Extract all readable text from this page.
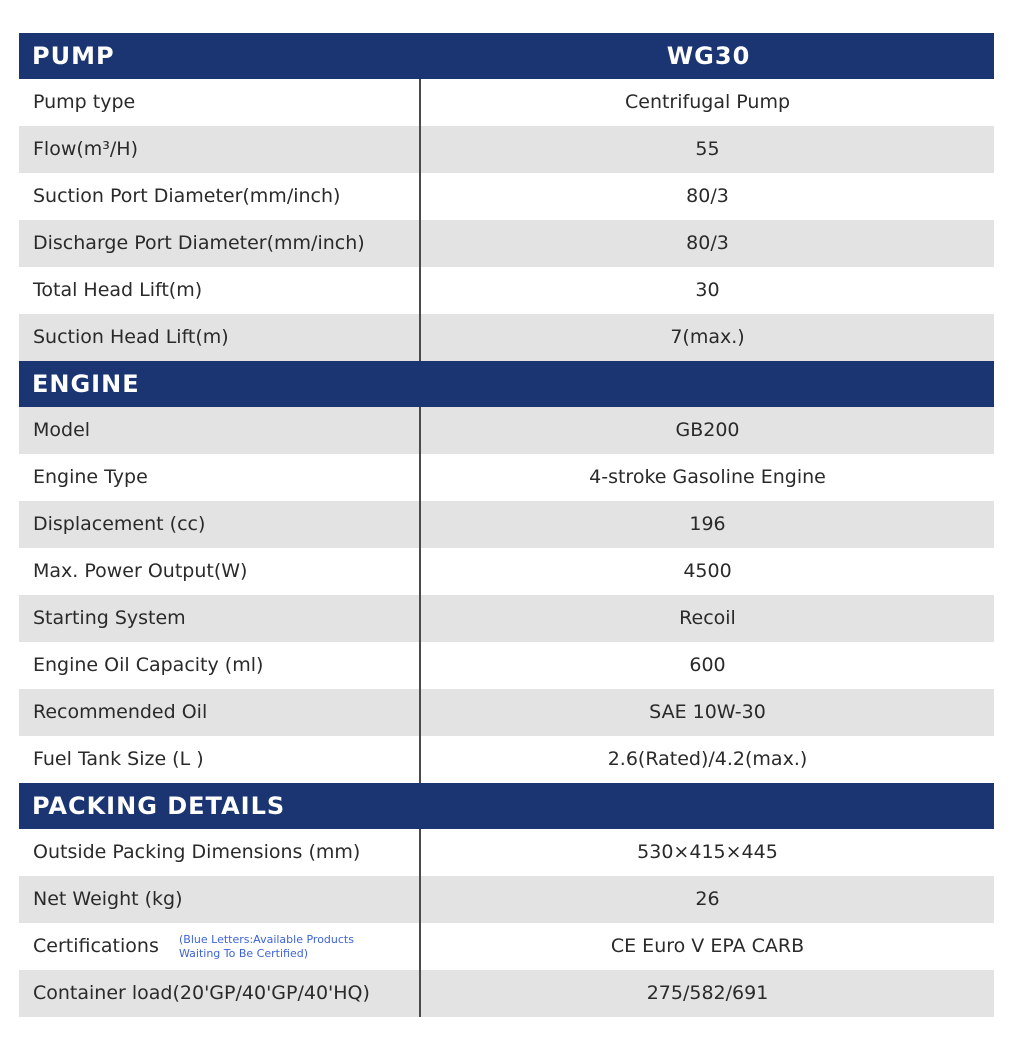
PUMP	WG30
Pump type	Centrifugal Pump
Flow(m³/H)	55
Suction Port Diameter(mm/inch)	80/3
Discharge Port Diameter(mm/inch)	80/3
Total Head Lift(m)	30
Suction Head Lift(m)	7(max.)
ENGINE
Model	GB200
Engine Type	4-stroke Gasoline Engine
Displacement (cc)	196
Max. Power Output(W)	4500
Starting System	Recoil
Engine Oil Capacity (ml)	600
Recommended Oil	SAE 10W-30
Fuel Tank Size (L )	2.6(Rated)/4.2(max.)
PACKING DETAILS
Outside Packing Dimensions (mm)	530×415×445
Net Weight (kg)	26
Certifications (Blue Letters:Available Products
Waiting To Be Certified)	CE Euro V EPA CARB
Container load(20'GP/40'GP/40'HQ)	275/582/691
